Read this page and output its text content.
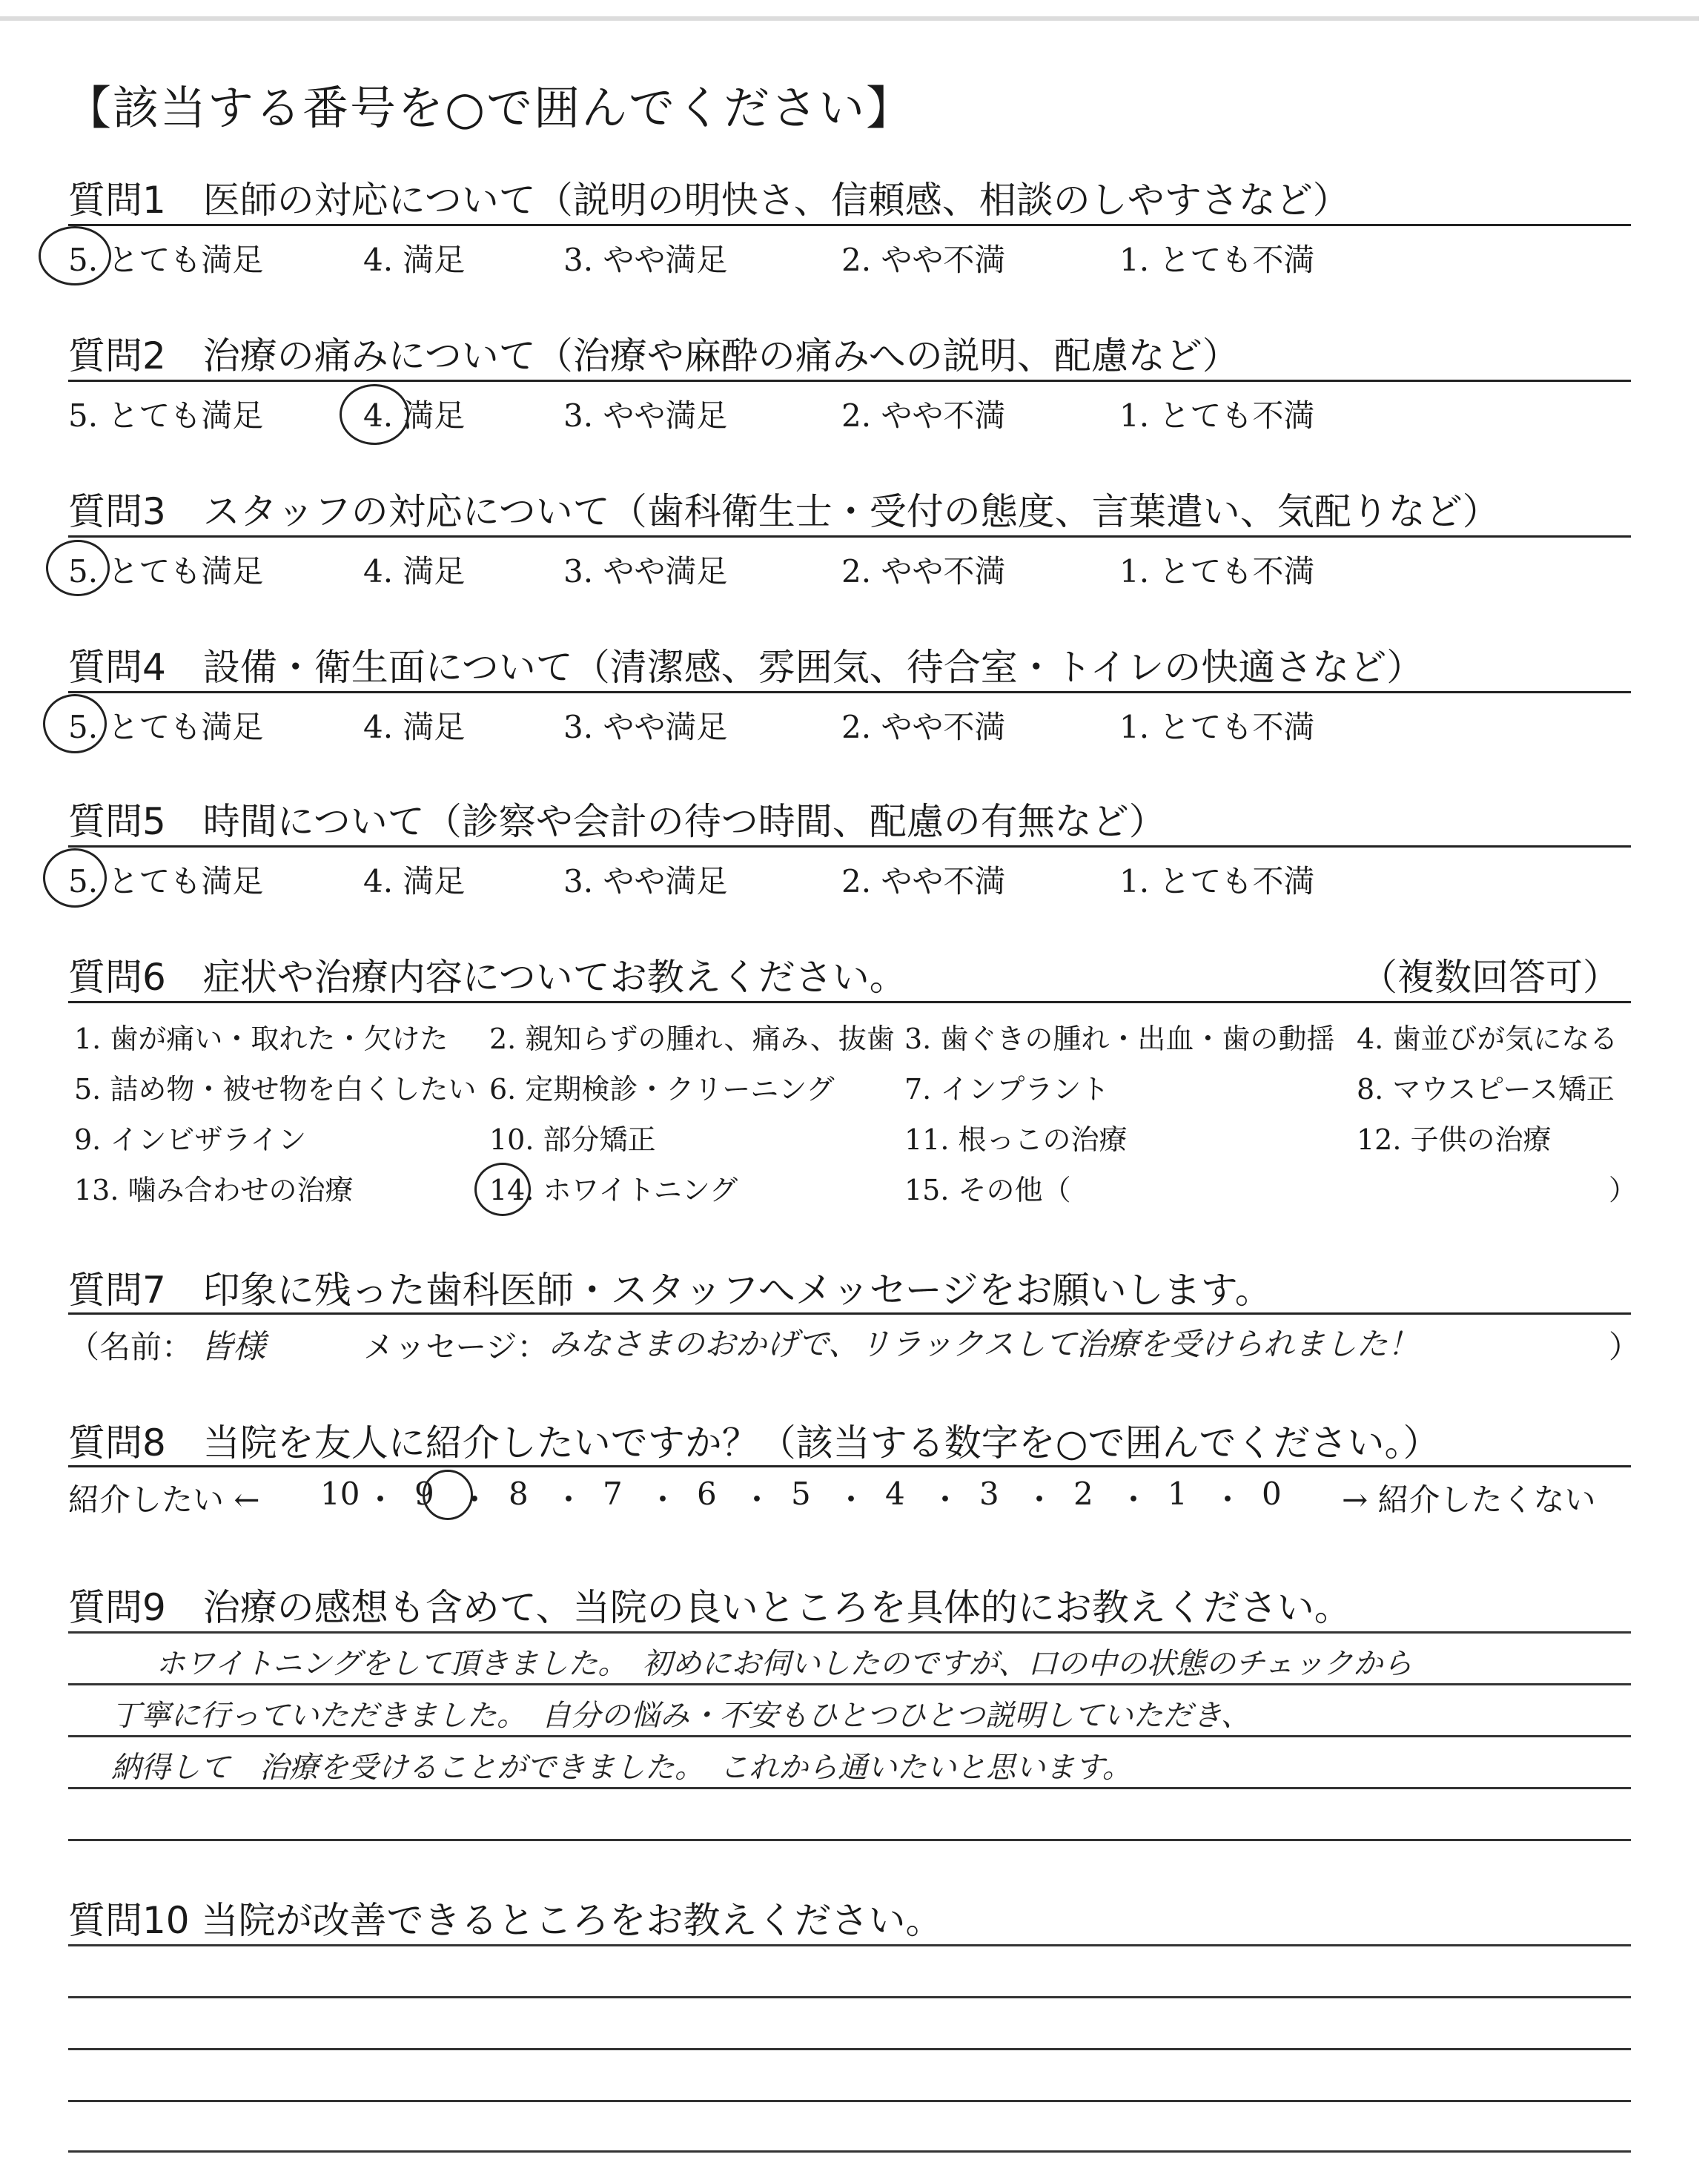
【該当する番号を○で囲んでください】
質問1　医師の対応について（説明の明快さ、信頼感、相談のしやすさなど）
5. とても満足	4. 満足	3. やや満足	2. やや不満	1. とても不満
質問2　治療の痛みについて（治療や麻酔の痛みへの説明、配慮など）
5. とても満足	4. 満足	3. やや満足	2. やや不満	1. とても不満
質問3　スタッフの対応について（歯科衛生士・受付の態度、言葉遣い、気配りなど）
5. とても満足	4. 満足	3. やや満足	2. やや不満	1. とても不満
質問4　設備・衛生面について（清潔感、雰囲気、待合室・トイレの快適さなど）
5. とても満足	4. 満足	3. やや満足	2. やや不満	1. とても不満
質問5　時間について（診察や会計の待つ時間、配慮の有無など）
5. とても満足	4. 満足	3. やや満足	2. やや不満	1. とても不満
質問6　症状や治療内容についてお教えください。	（複数回答可）
1. 歯が痛い・取れた・欠けた 2. 親知らずの腫れ、痛み、抜歯 3. 歯ぐきの腫れ・出血・歯の動揺 4. 歯並びが気になる
5. 詰め物・被せ物を白くしたい 6. 定期検診・クリーニング 7. インプラント	8. マウスピース矯正
9. インビザライン	10. 部分矯正	11. 根っこの治療	12. 子供の治療
13. 噛み合わせの治療	14. ホワイトニング	15. その他（	）
質問7　印象に残った歯科医師・スタッフへメッセージをお願いします。
（名前： 皆様	メッセージ： みなさまのおかげで、リラックスして治療を受けられました！	）
質問8　当院を友人に紹介したいですか？（該当する数字を○で囲んでください。）
紹介したい ← 10 ・ 9 ・ 8 ・ 7 ・ 6 ・ 5 ・ 4 ・ 3 ・ 2 ・ 1 ・ 0 → 紹介したくない
質問9　治療の感想も含めて、当院の良いところを具体的にお教えください。
ホワイトニングをして頂きました。　初めにお伺いしたのですが、口の中の状態のチェックから
丁寧に行っていただきました。　自分の悩み・不安もひとつひとつ説明していただき、
納得して　治療を受けることができました。　これから通いたいと思います。
質問10 当院が改善できるところをお教えください。
